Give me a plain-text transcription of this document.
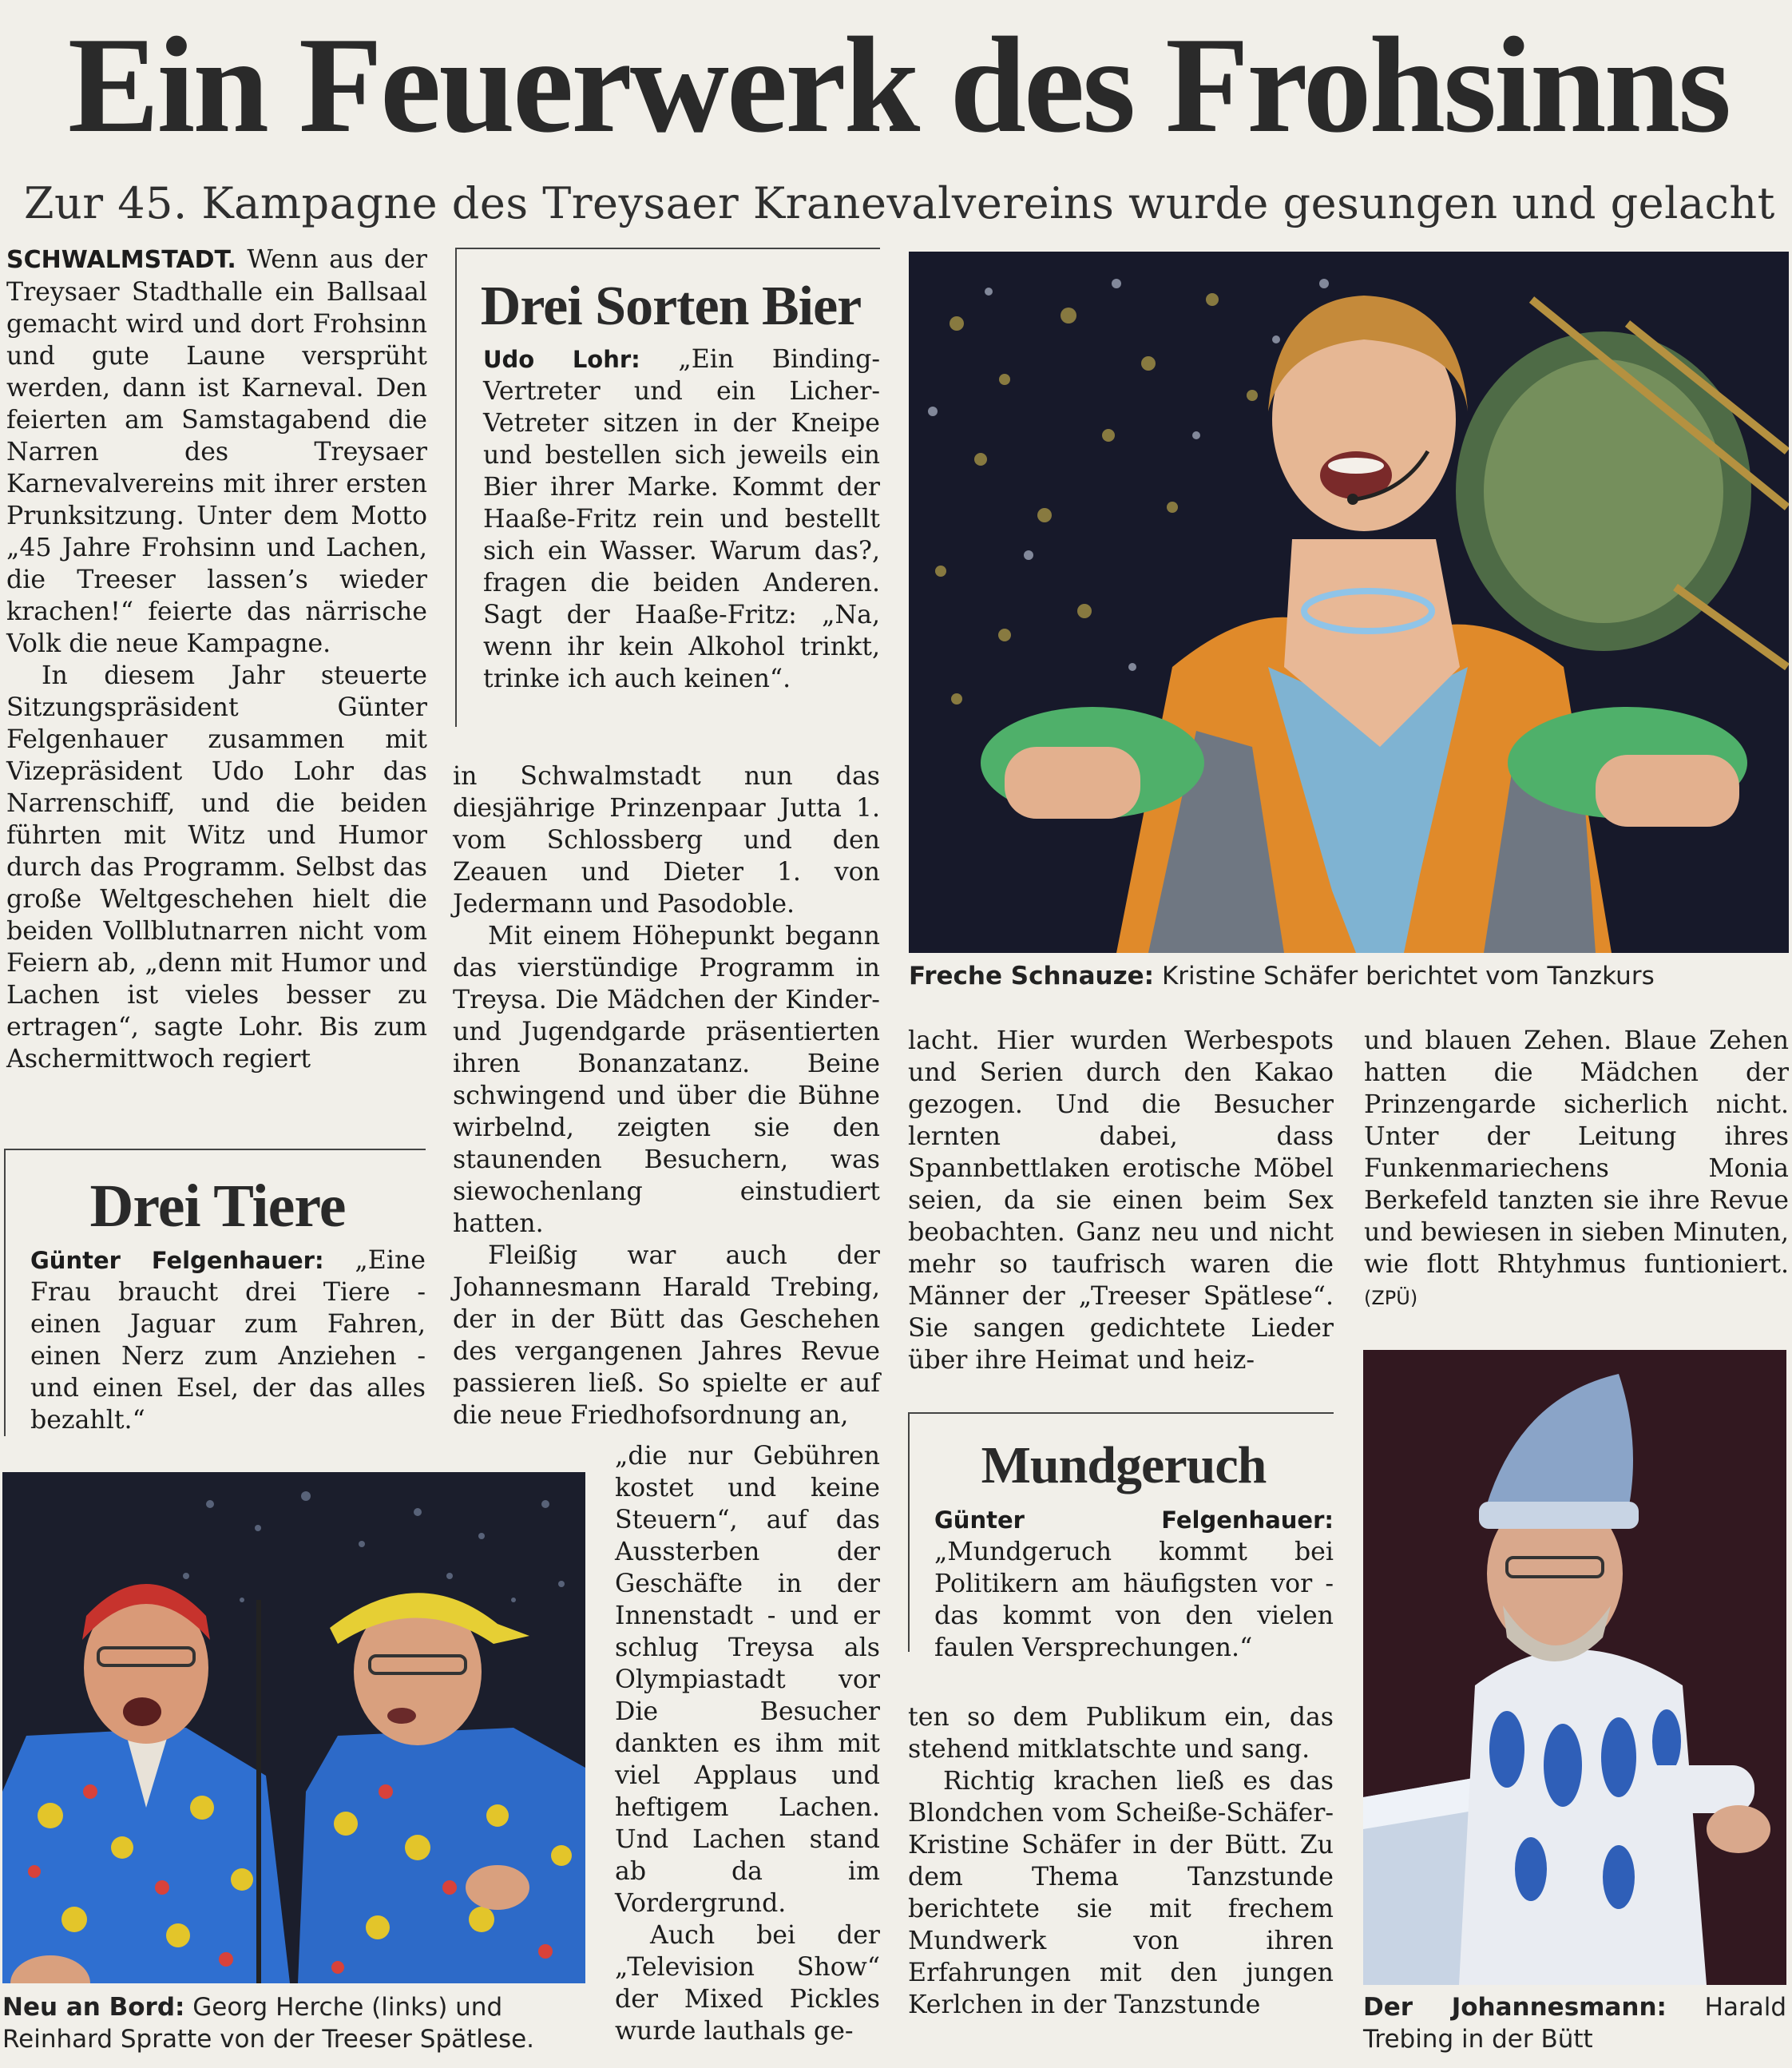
Ein Feuerwerk des Frohsinns
Zur 45. Kampagne des Treysaer Kranevalvereins wurde gesungen und gelacht

SCHWALMSTADT. Wenn aus der Treysaer Stadthalle ein Ballsaal gemacht wird und dort Frohsinn und gute Laune versprüht werden, dann ist Karneval. Den feierten am Samstagabend die Narren des Treysaer Karnevalvereins mit ihrer ersten Prunksitzung. Unter dem Motto „45 Jahre Frohsinn und Lachen, die Treeser lassen’s wieder krachen!“ feierte das närrische Volk die neue Kampagne.

In diesem Jahr steuerte Sitzungspräsident Günter Felgenhauer zusammen mit Vizepräsident Udo Lohr das Narrenschiff, und die beiden führten mit Witz und Humor durch das Programm. Selbst das große Weltgeschehen hielt die beiden Vollblutnarren nicht vom Feiern ab, „denn mit Humor und Lachen ist vieles besser zu ertragen“, sagte Lohr. Bis zum Aschermittwoch regiert

Drei Tiere

Günter Felgenhauer: „Eine Frau braucht drei Tiere - einen Jaguar zum Fahren, einen Nerz zum Anziehen - und einen Esel, der das alles bezahlt.“

Neu an Bord: Georg Herche (links) und Reinhard Spratte von der Treeser Spätlese.
Drei Sorten Bier

Udo Lohr: „Ein Binding-Vertreter und ein Licher-Vetreter sitzen in der Kneipe und bestellen sich jeweils ein Bier ihrer Marke. Kommt der Haaße-Fritz rein und bestellt sich ein Wasser. Warum das?, fragen die beiden Anderen. Sagt der Haaße-Fritz: „Na, wenn ihr kein Alkohol trinkt, trinke ich auch keinen“.

in Schwalmstadt nun das diesjährige Prinzenpaar Jutta 1. vom Schlossberg und den Zeauen und Dieter 1. von Jedermann und Pasodoble.

Mit einem Höhepunkt begann das vierstündige Programm in Treysa. Die Mädchen der Kinder- und Jugendgarde präsentierten ihren Bonanzatanz. Beine schwingend und über die Bühne wirbelnd, zeigten sie den staunenden Besuchern, was siewochenlang einstudiert hatten.

Fleißig war auch der Johannesmann Harald Trebing, der in der Bütt das Geschehen des vergangenen Jahres Revue passieren ließ. So spielte er auf die neue Friedhofsordnung an,

„die nur Gebühren kostet und keine Steuern“, auf das Aussterben der Geschäfte in der Innenstadt - und er schlug Treysa als Olympiastadt vor Die Besucher dankten es ihm mit viel Applaus und heftigem Lachen. Und Lachen stand ab da im Vordergrund.

Auch bei der „Television Show“ der Mixed Pickles wurde lauthals ge-

Freche Schnauze: Kristine Schäfer berichtet vom Tanzkurs

lacht. Hier wurden Werbespots und Serien durch den Kakao gezogen. Und die Besucher lernten dabei, dass Spannbettlaken erotische Möbel seien, da sie einen beim Sex beobachten. Ganz neu und nicht mehr so taufrisch waren die Männer der „Treeser Spätlese“. Sie sangen gedichtete Lieder über ihre Heimat und heiz-

Mundgeruch

Günter Felgenhauer: „Mundgeruch kommt bei Politikern am häufigsten vor - das kommt von den vielen faulen Versprechungen.“

ten so dem Publikum ein, das stehend mitklatschte und sang.

Richtig krachen ließ es das Blondchen vom Scheiße-Schäfer- Kristine Schäfer in der Bütt. Zu dem Thema Tanzstunde berichtete sie mit frechem Mundwerk von ihren Erfahrungen mit den jungen Kerlchen in der Tanzstunde

und blauen Zehen. Blaue Zehen hatten die Mädchen der Prinzengarde sicherlich nicht. Unter der Leitung ihres Funkenmariechens Monia Berkefeld tanzten sie ihre Revue und bewiesen in sieben Minuten, wie flott Rhtyhmus funtioniert. (ZPÜ)

Der Johannesmann: Harald Trebing in der Bütt
